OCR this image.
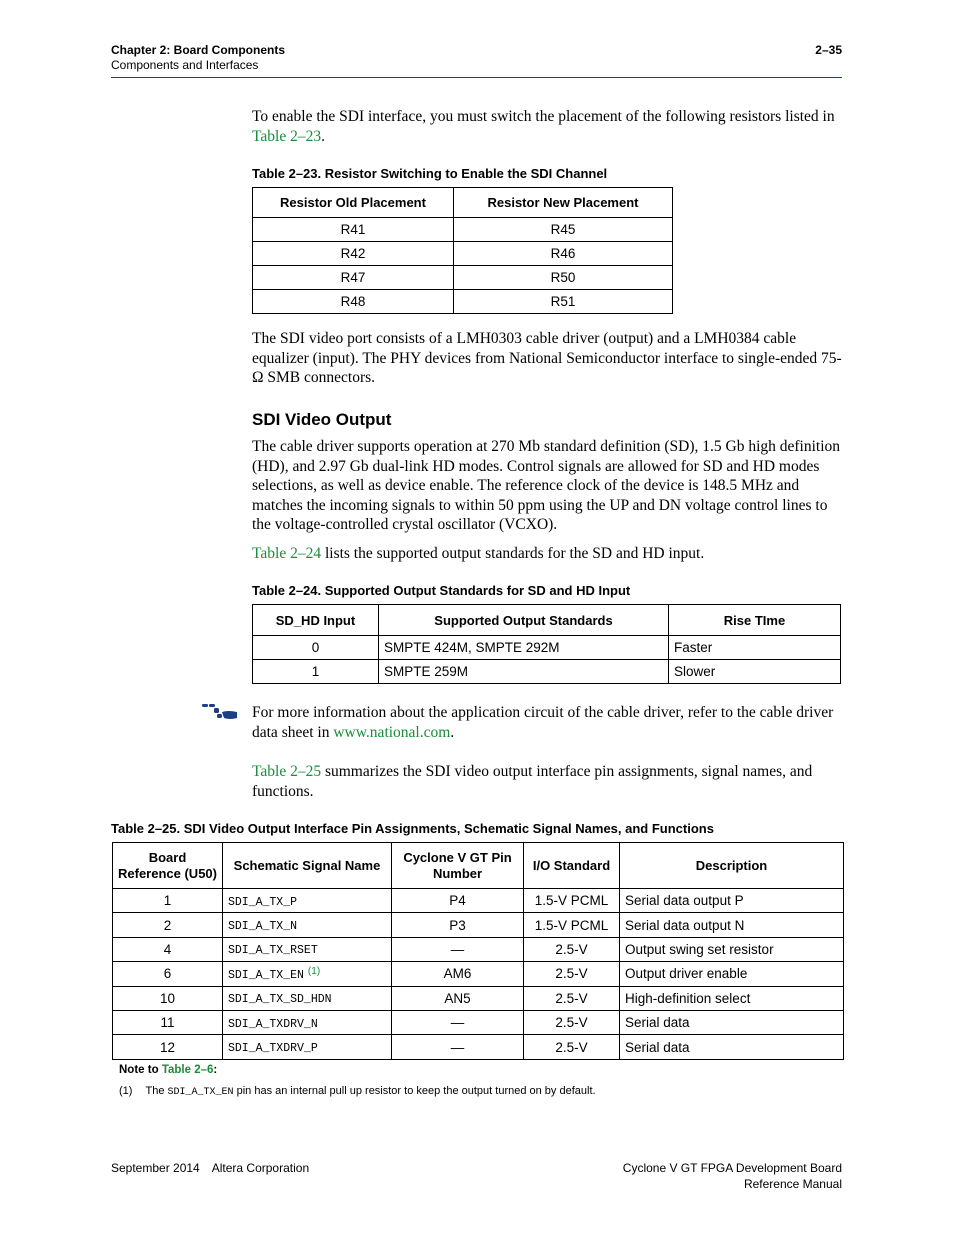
Chapter 2: Board Components
Components and Interfaces
2–35
To enable the SDI interface, you must switch the placement of the following resistors listed in Table 2–23.
Table 2–23. Resistor Switching to Enable the SDI Channel
Resistor Old Placement	Resistor New Placement
R41	R45
R42	R46
R47	R50
R48	R51
The SDI video port consists of a LMH0303 cable driver (output) and a LMH0384 cable equalizer (input). The PHY devices from National Semiconductor interface to single-ended 75-Ω SMB connectors.
SDI Video Output
The cable driver supports operation at 270 Mb standard definition (SD), 1.5 Gb high definition (HD), and 2.97 Gb dual-link HD modes. Control signals are allowed for SD and HD modes selections, as well as device enable. The reference clock of the device is 148.5 MHz and matches the incoming signals to within 50 ppm using the UP and DN voltage control lines to the voltage-controlled crystal oscillator (VCXO).
Table 2–24 lists the supported output standards for the SD and HD input.
Table 2–24. Supported Output Standards for SD and HD Input
SD_HD Input	Supported Output Standards	Rise TIme
0	SMPTE 424M, SMPTE 292M	Faster
1	SMPTE 259M	Slower
For more information about the application circuit of the cable driver, refer to the cable driver data sheet in www.national.com.
Table 2–25 summarizes the SDI video output interface pin assignments, signal names, and functions.
Table 2–25. SDI Video Output Interface Pin Assignments, Schematic Signal Names, and Functions
Board Reference (U50)	Schematic Signal Name	Cyclone V GT Pin Number	I/O Standard	Description
1	SDI_A_TX_P	P4	1.5-V PCML	Serial data output P
2	SDI_A_TX_N	P3	1.5-V PCML	Serial data output N
4	SDI_A_TX_RSET	—	2.5-V	Output swing set resistor
6	SDI_A_TX_EN $^{(1)}$	AM6	2.5-V	Output driver enable
10	SDI_A_TX_SD_HDN	AN5	2.5-V	High-definition select
11	SDI_A_TXDRV_N	—	2.5-V	Serial data
12	SDI_A_TXDRV_P	—	2.5-V	Serial data
Note to Table 2–6:
(1) The SDI_A_TX_EN pin has an internal pull up resistor to keep the output turned on by default.
September 2014 Altera Corporation	Cyclone V GT FPGA Development Board
Reference Manual
